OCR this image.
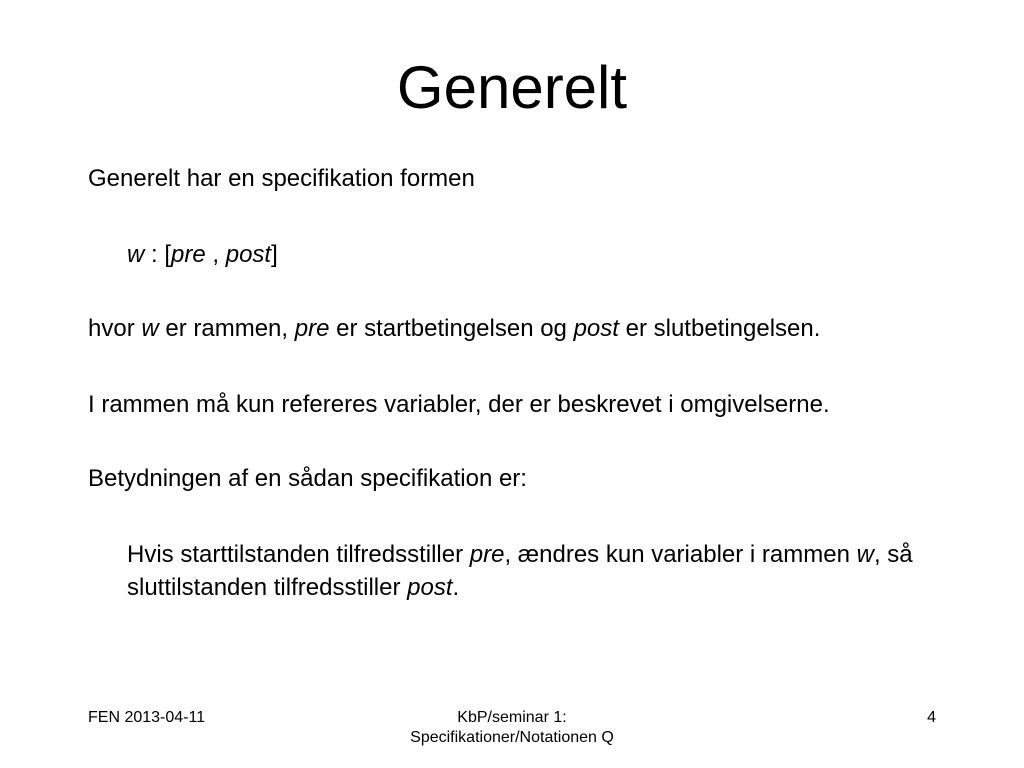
Generelt

Generelt har en specifikation formen

w : [pre , post]

hvor w er rammen, pre er startbetingelsen og post er slutbetingelsen.

I rammen må kun refereres variabler, der er beskrevet i omgivelserne.

Betydningen af en sådan specifikation er:

Hvis starttilstanden tilfredsstiller pre, ændres kun variabler i rammen w, så sluttilstanden tilfredsstiller post.

FEN 2013-04-11	KbP/seminar 1:
Specifikationer/Notationen Q
4
